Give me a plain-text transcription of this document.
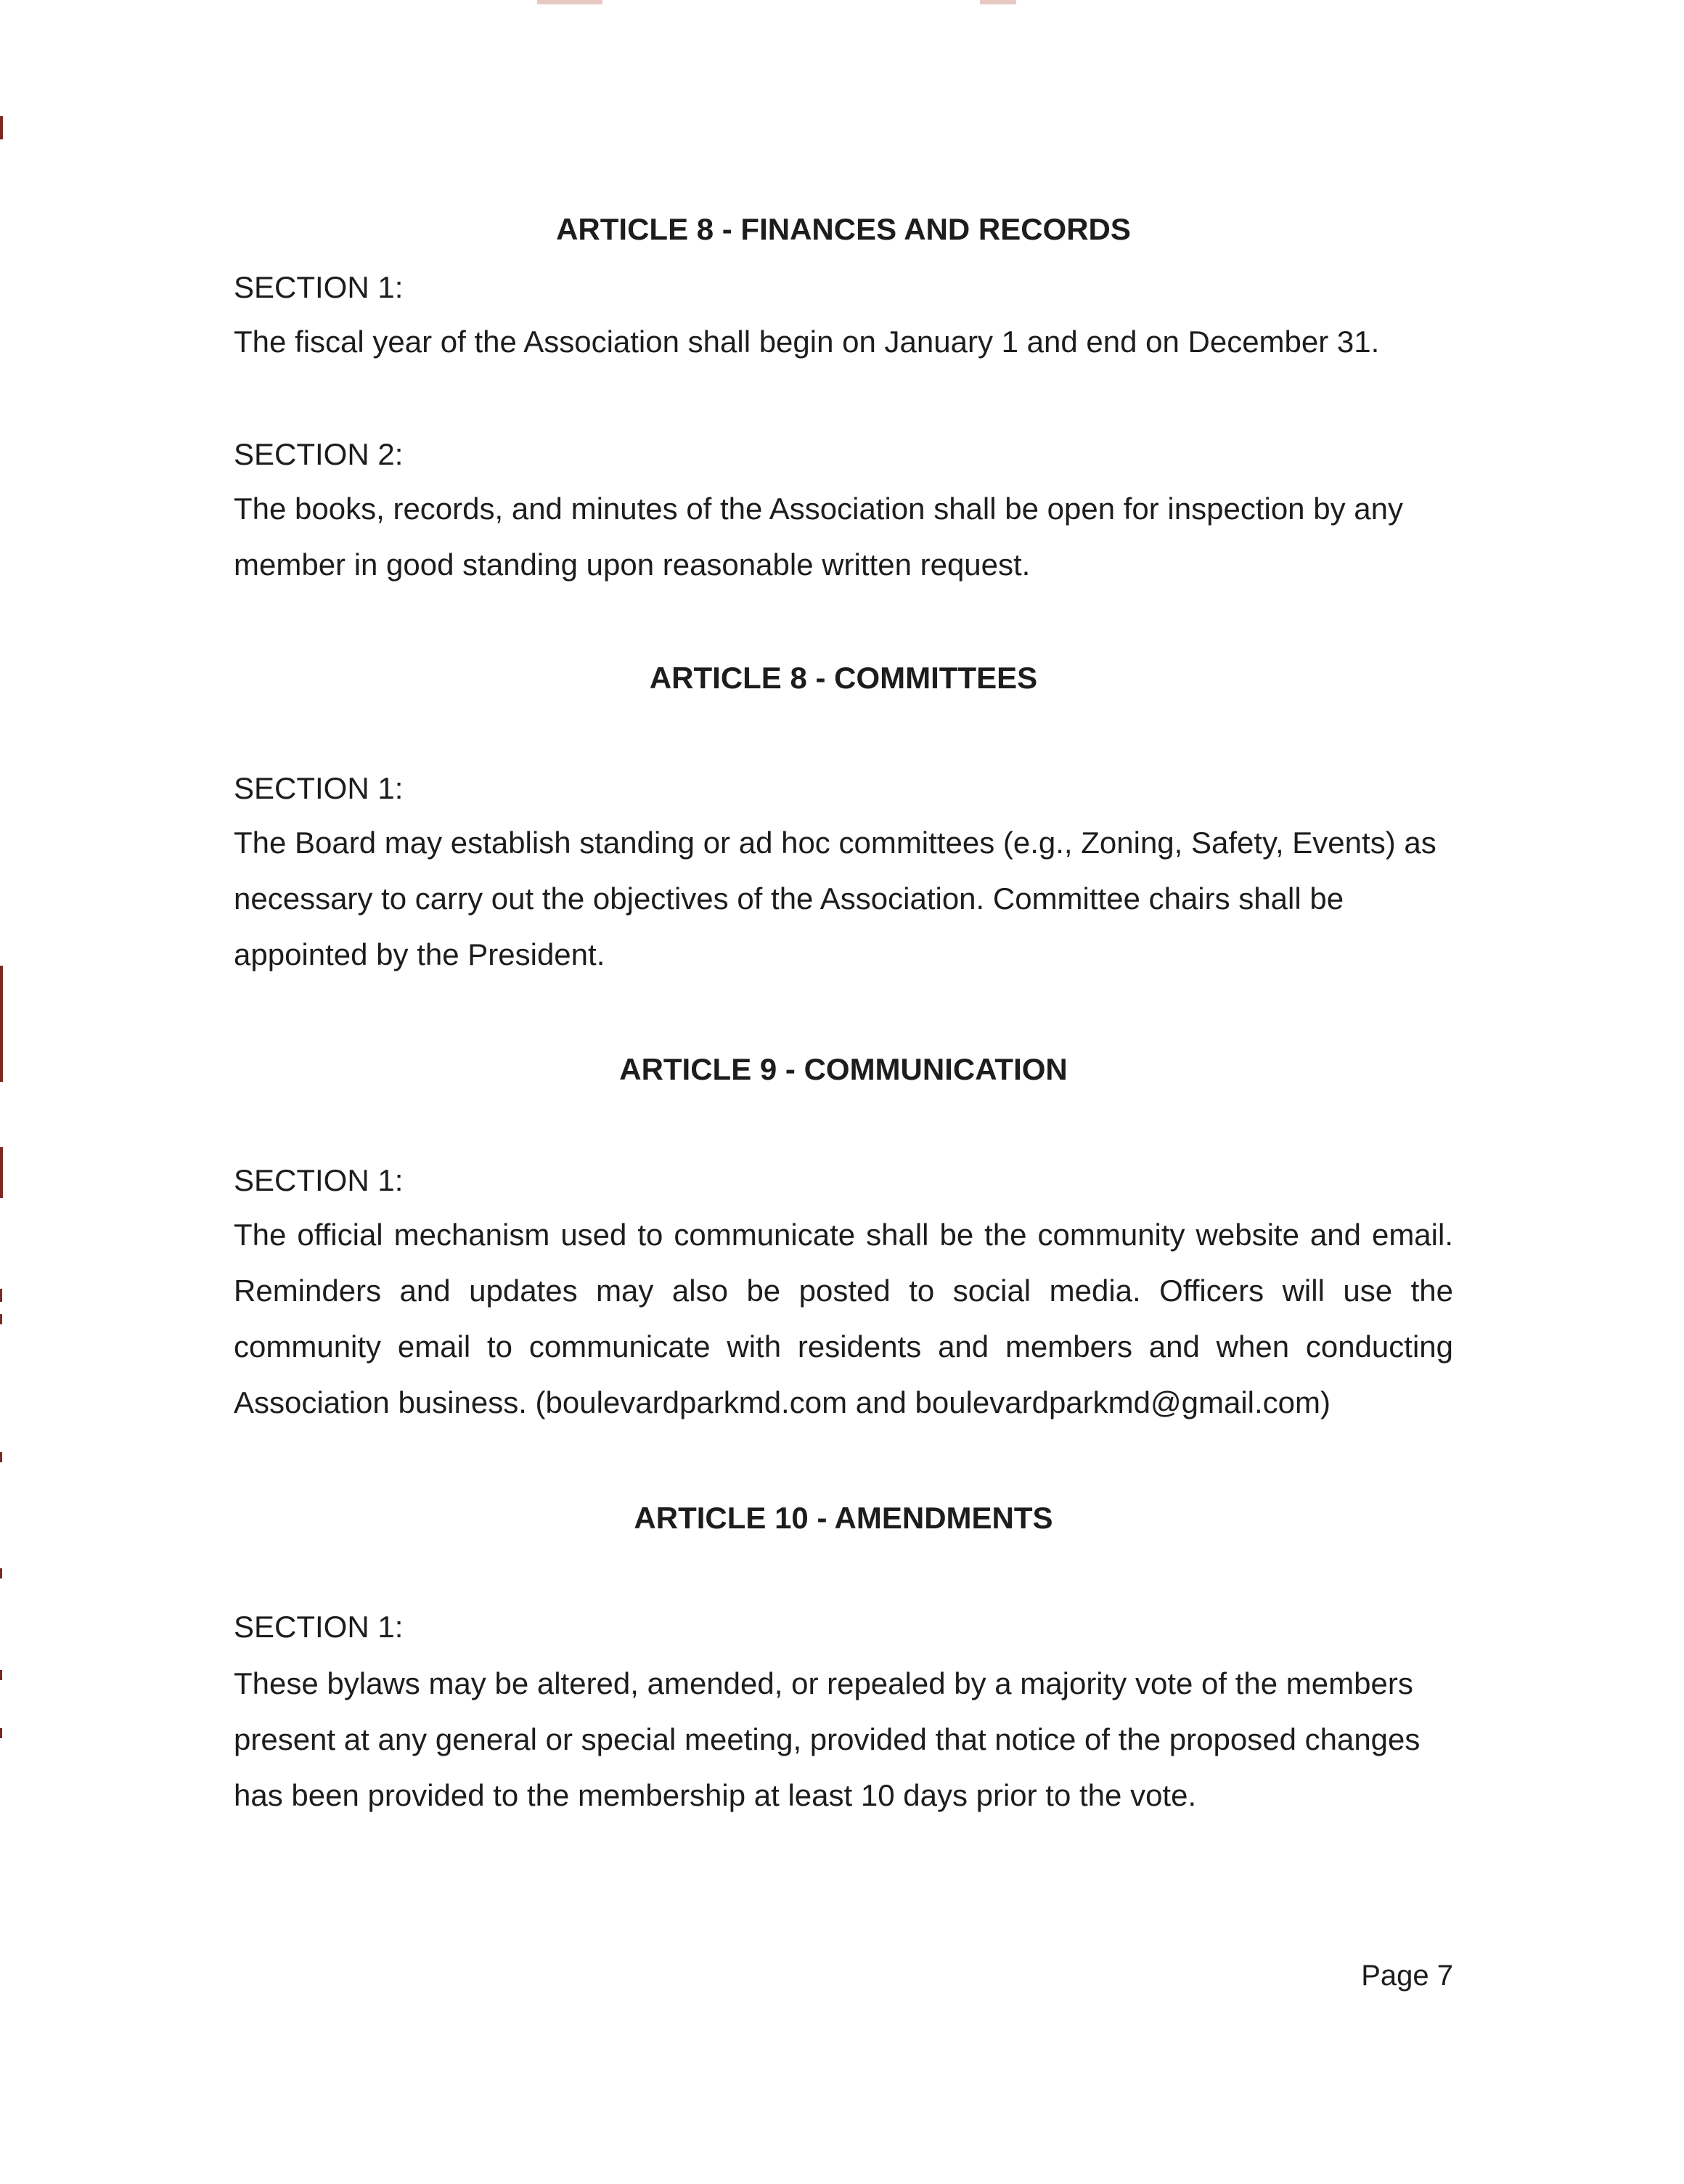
ARTICLE 8 - FINANCES AND RECORDS

SECTION 1:

The fiscal year of the Association shall begin on January 1 and end on December 31.

SECTION 2:

The books, records, and minutes of the Association shall be open for inspection by any member in good standing upon reasonable written request.

ARTICLE 8 - COMMITTEES

SECTION 1:

The Board may establish standing or ad hoc committees (e.g., Zoning, Safety, Events) as necessary to carry out the objectives of the Association. Committee chairs shall be appointed by the President.

ARTICLE 9 - COMMUNICATION

SECTION 1:

The official mechanism used to communicate shall be the community website and email. Reminders and updates may also be posted to social media. Officers will use the community email to communicate with residents and members and when conducting Association business. (boulevardparkmd.com and boulevardparkmd@gmail.com)

ARTICLE 10 - AMENDMENTS

SECTION 1:

These bylaws may be altered, amended, or repealed by a majority vote of the members present at any general or special meeting, provided that notice of the proposed changes has been provided to the membership at least 10 days prior to the vote.

Page 7
